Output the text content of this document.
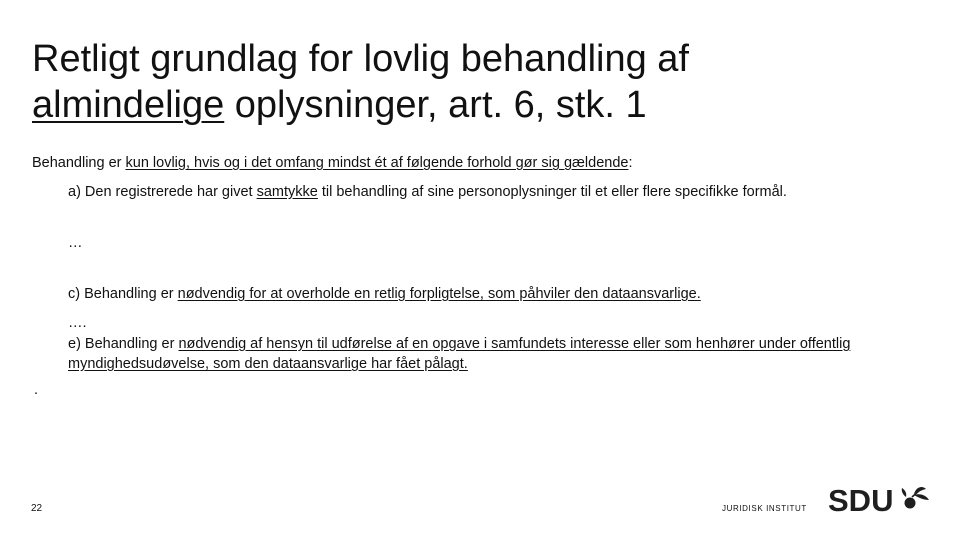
Retligt grundlag for lovlig behandling af
almindelige oplysninger, art. 6, stk. 1
Behandling er kun lovlig, hvis og i det omfang mindst ét af følgende forhold gør sig gældende:
a) Den registrerede har givet samtykke til behandling af sine personoplysninger til et eller flere specifikke formål.
…
c) Behandling er nødvendig for at overholde en retlig forpligtelse, som påhviler den dataansvarlige.
….
e) Behandling er nødvendig af hensyn til udførelse af en opgave i samfundets interesse eller som henhører under offentlig myndighedsudøvelse, som den dataansvarlige har fået pålagt.
.
22	JURIDISK INSTITUT SDU
